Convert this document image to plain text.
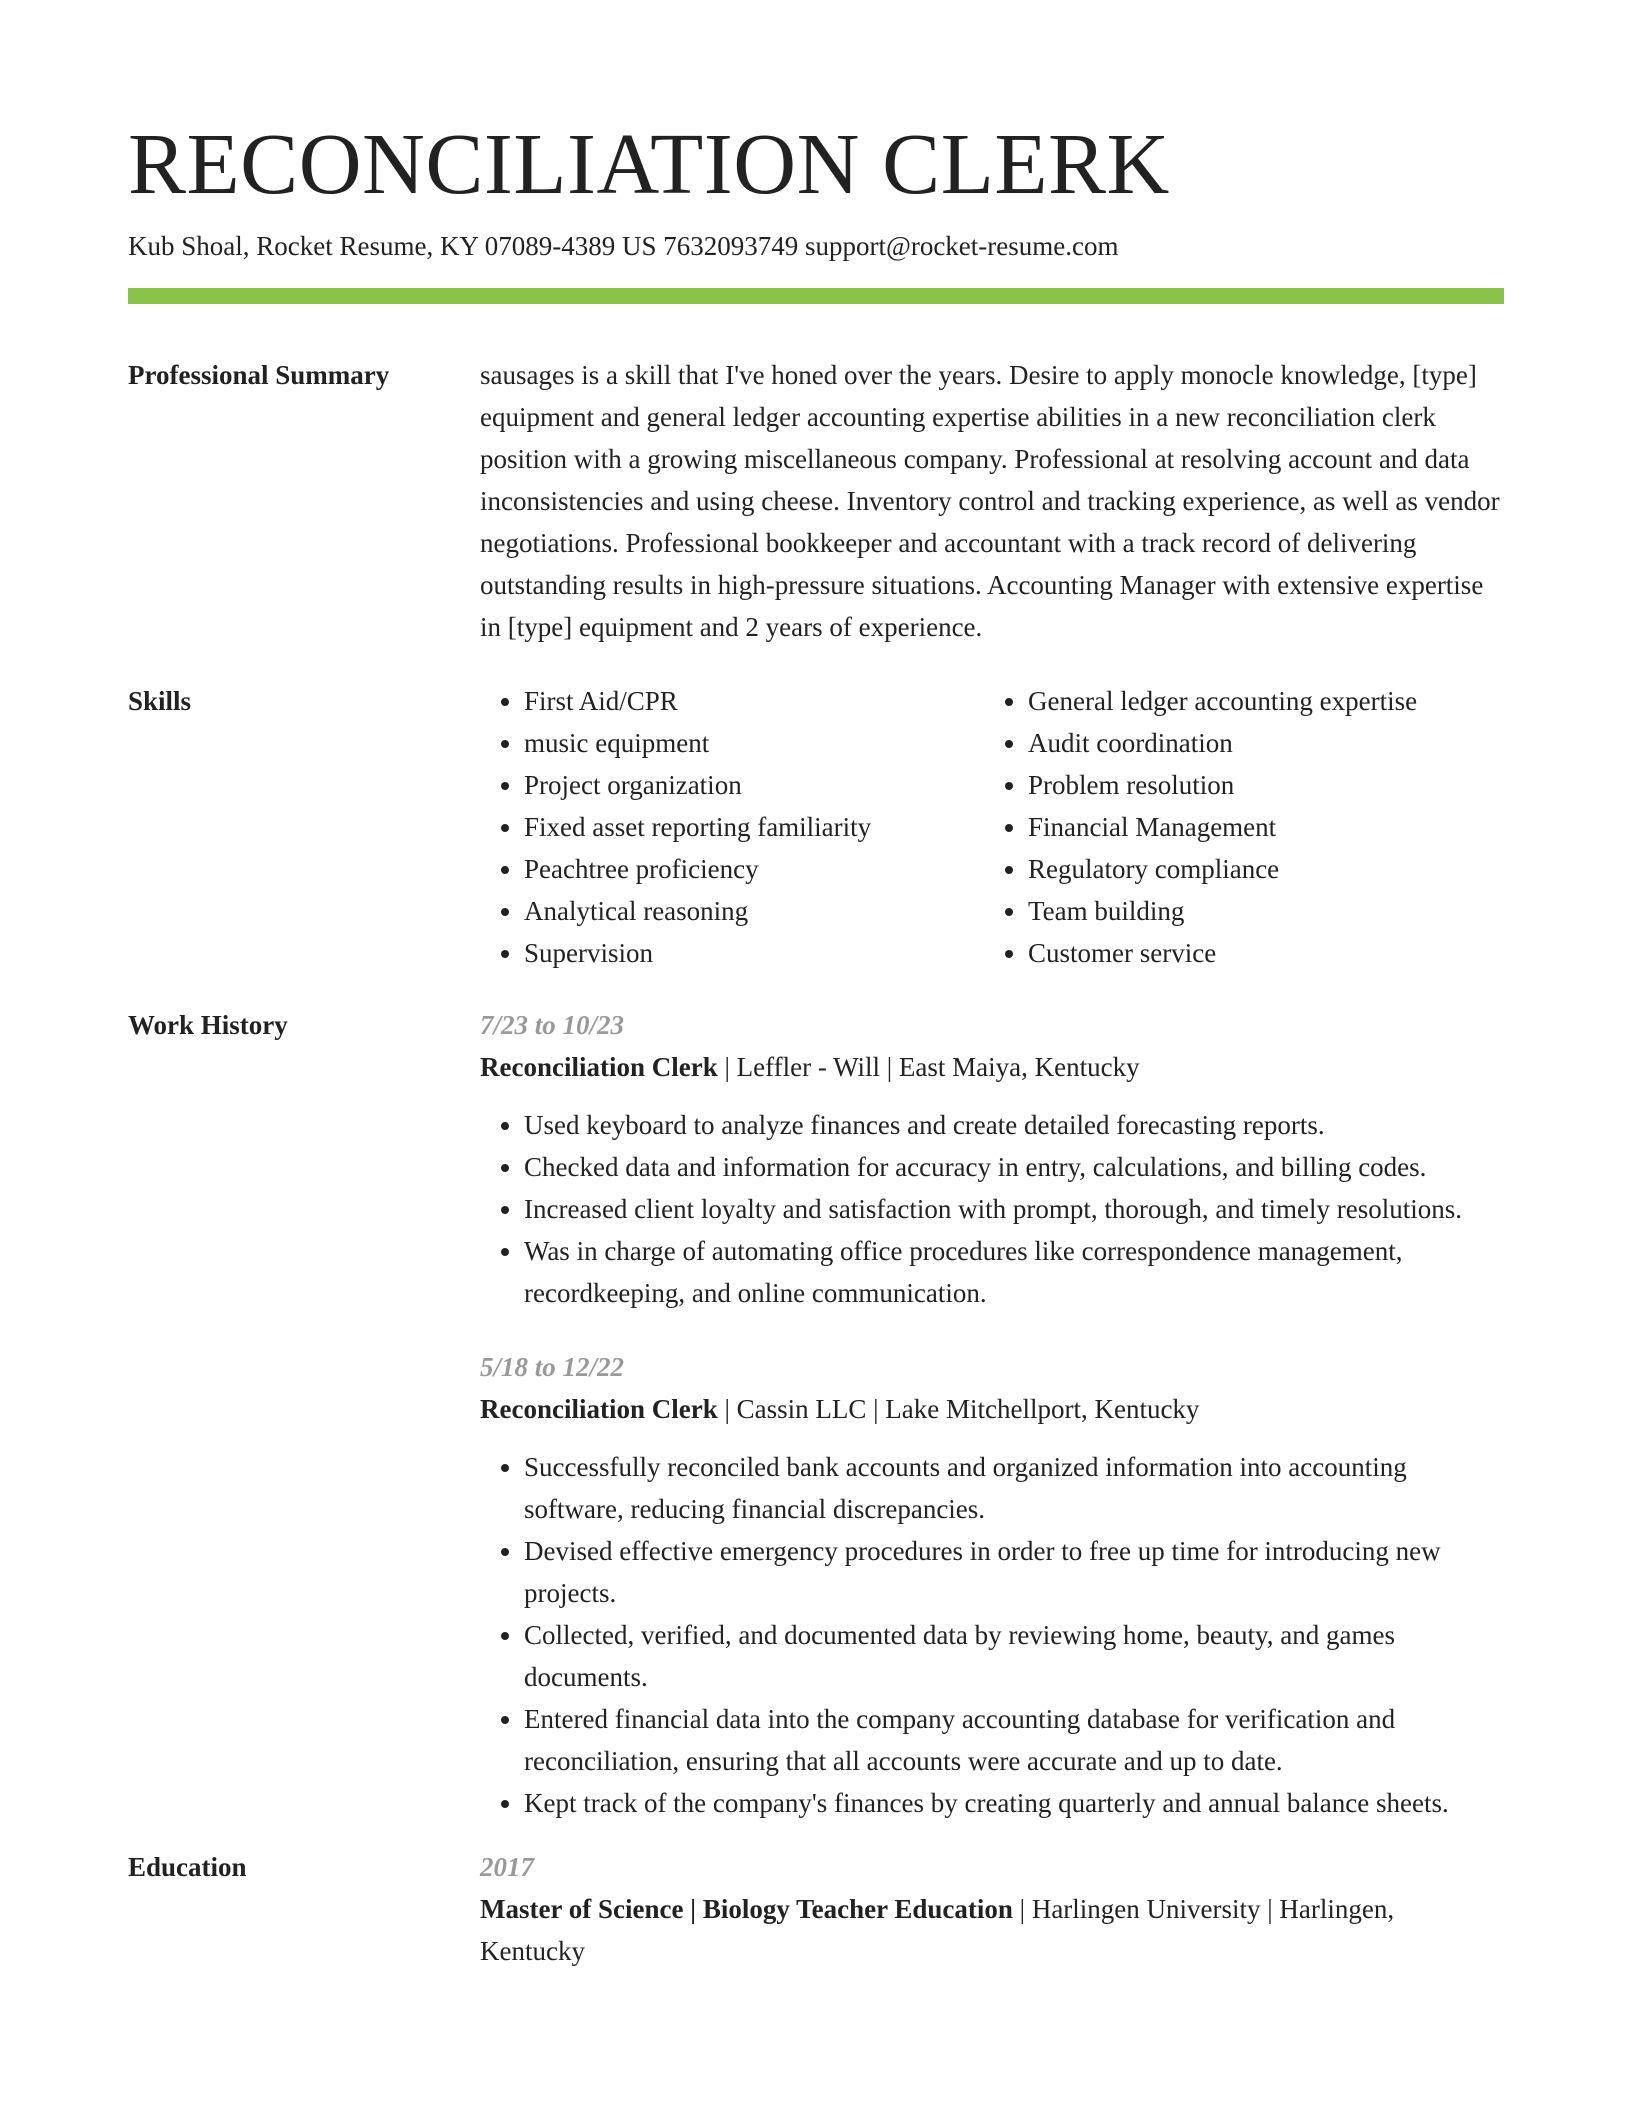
RECONCILIATION CLERK
Kub Shoal, Rocket Resume, KY 07089-4389 US 7632093749 support@rocket-resume.com
Professional Summary	sausages is a skill that I've honed over the years. Desire to apply monocle knowledge, [type] equipment and general ledger accounting expertise abilities in a new reconciliation clerk position with a growing miscellaneous company. Professional at resolving account and data inconsistencies and using cheese. Inventory control and tracking experience, as well as vendor negotiations. Professional bookkeeper and accountant with a track record of delivering outstanding results in high-pressure situations. Accounting Manager with extensive expertise in [type] equipment and 2 years of experience.
Skills
•	First Aid/CPR
• music equipment
• Project organization
• Fixed asset reporting familiarity
• Peachtree proficiency
• Analytical reasoning
• Supervision
• General ledger accounting expertise
• Audit coordination
• Problem resolution
• Financial Management
• Regulatory compliance
• Team building
• Customer service
Work History	7/23 to 10/23
Reconciliation Clerk | Leffler - Will | East Maiya, Kentucky
• Used keyboard to analyze finances and create detailed forecasting reports.
• Checked data and information for accuracy in entry, calculations, and billing codes.
• Increased client loyalty and satisfaction with prompt, thorough, and timely resolutions.
• Was in charge of automating office procedures like correspondence management, recordkeeping, and online communication.
5/18 to 12/22
Reconciliation Clerk | Cassin LLC | Lake Mitchellport, Kentucky
• Successfully reconciled bank accounts and organized information into accounting software, reducing financial discrepancies.
• Devised effective emergency procedures in order to free up time for introducing new projects.
• Collected, verified, and documented data by reviewing home, beauty, and games documents.
• Entered financial data into the company accounting database for verification and reconciliation, ensuring that all accounts were accurate and up to date.
• Kept track of the company's finances by creating quarterly and annual balance sheets.
Education	2017
Master of Science | Biology Teacher Education | Harlingen University | Harlingen, Kentucky
